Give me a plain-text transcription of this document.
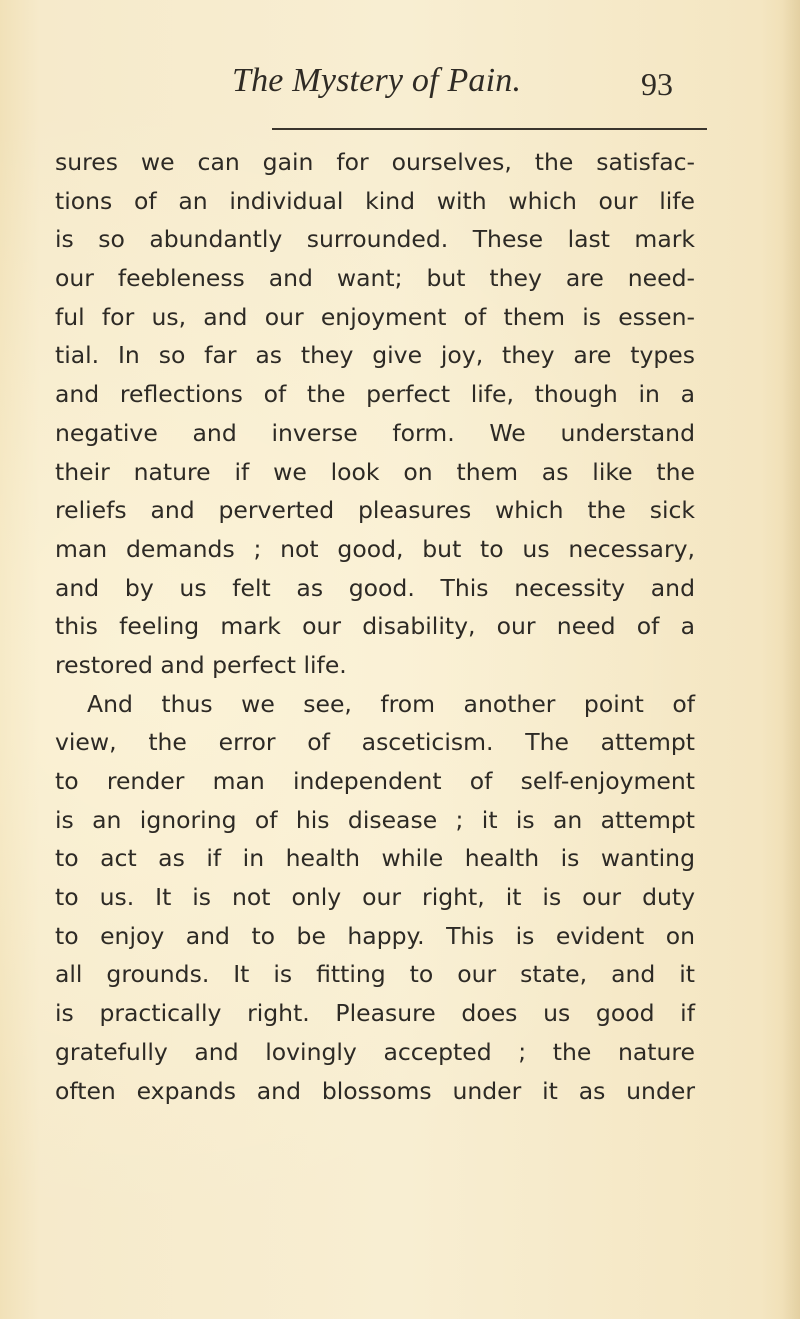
The Mystery of Pain.	93
sures we can gain for ourselves, the satisfac-
tions of an individual kind with which our life
is so abundantly surrounded. These last mark
our feebleness and want; but they are need-
ful for us, and our enjoyment of them is essen-
tial. In so far as they give joy, they are types
and reflections of the perfect life, though in a
negative and inverse form. We understand
their nature if we look on them as like the
reliefs and perverted pleasures which the sick
man demands ; not good, but to us necessary,
and by us felt as good. This necessity and
this feeling mark our disability, our need of a
restored and perfect life.
And thus we see, from another point of
view, the error of asceticism. The attempt
to render man independent of self-enjoyment
is an ignoring of his disease ; it is an attempt
to act as if in health while health is wanting
to us. It is not only our right, it is our duty
to enjoy and to be happy. This is evident on
all grounds. It is fitting to our state, and it
is practically right. Pleasure does us good if
gratefully and lovingly accepted ; the nature
often expands and blossoms under it as under
